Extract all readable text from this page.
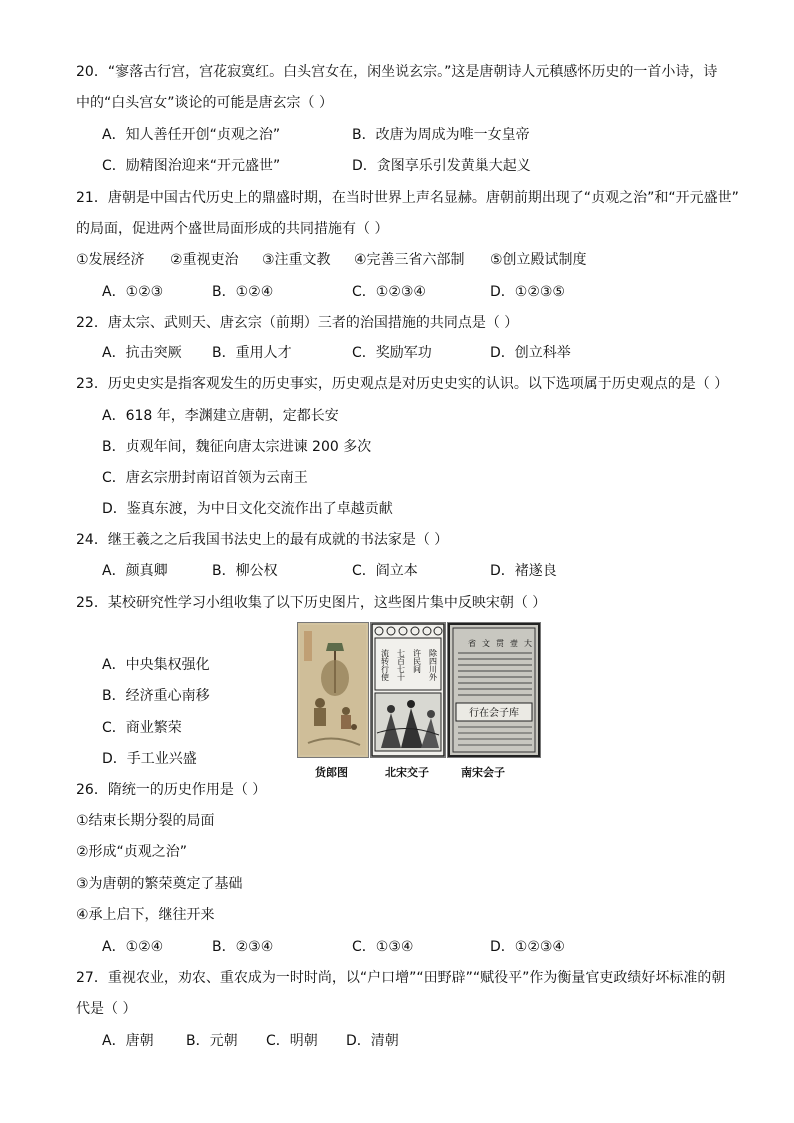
20．“寥落古行宫，宫花寂寞红。白头宫女在，闲坐说玄宗。”这是唐朝诗人元稹感怀历史的一首小诗，诗
中的“白头宫女”谈论的可能是唐玄宗（ ）
A．知人善任开创“贞观之治”	B．改唐为周成为唯一女皇帝
C．励精图治迎来“开元盛世”	D．贪图享乐引发黄巢大起义
21．唐朝是中国古代历史上的鼎盛时期，在当时世界上声名显赫。唐朝前期出现了“贞观之治”和“开元盛世”
的局面，促进两个盛世局面形成的共同措施有（ ）
①发展经济 ②重视吏治 ③注重文教 ④完善三省六部制 ⑤创立殿试制度
A．①②③	B．①②④	C．①②③④	D．①②③⑤
22．唐太宗、武则天、唐玄宗（前期）三者的治国措施的共同点是（ ）
A．抗击突厥 B．重用人才	C．奖励军功	D．创立科举
23．历史史实是指客观发生的历史事实，历史观点是对历史史实的认识。以下选项属于历史观点的是（ ）
A．618 年，李渊建立唐朝，定都长安
B．贞观年间，魏征向唐太宗进谏 200 多次
C．唐玄宗册封南诏首领为云南王
D．鉴真东渡，为中日文化交流作出了卓越贡献
24．继王羲之之后我国书法史上的最有成就的书法家是（ ）
A．颜真卿	B．柳公权	C．阎立本	D．褚遂良
25．某校研究性学习小组收集了以下历史图片，这些图片集中反映宋朝（ ）
A．中央集权强化
B．经济重心南移
C．商业繁荣
D．手工业兴盛
除四川外
许民间
七百七十
流转行使
大
壹
贯
文
省
行在会子库
货郎图	北宋交子	南宋会子
26．隋统一的历史作用是（ ）
①结束长期分裂的局面
②形成“贞观之治”
③为唐朝的繁荣奠定了基础
④承上启下，继往开来
A．①②④	B．②③④	C．①③④	D．①②③④
27．重视农业，劝农、重农成为一时时尚，以“户口增”“田野辟”“赋役平”作为衡量官吏政绩好坏标准的朝
代是（ ）
A．唐朝 B．元朝 C．明朝 D．清朝
